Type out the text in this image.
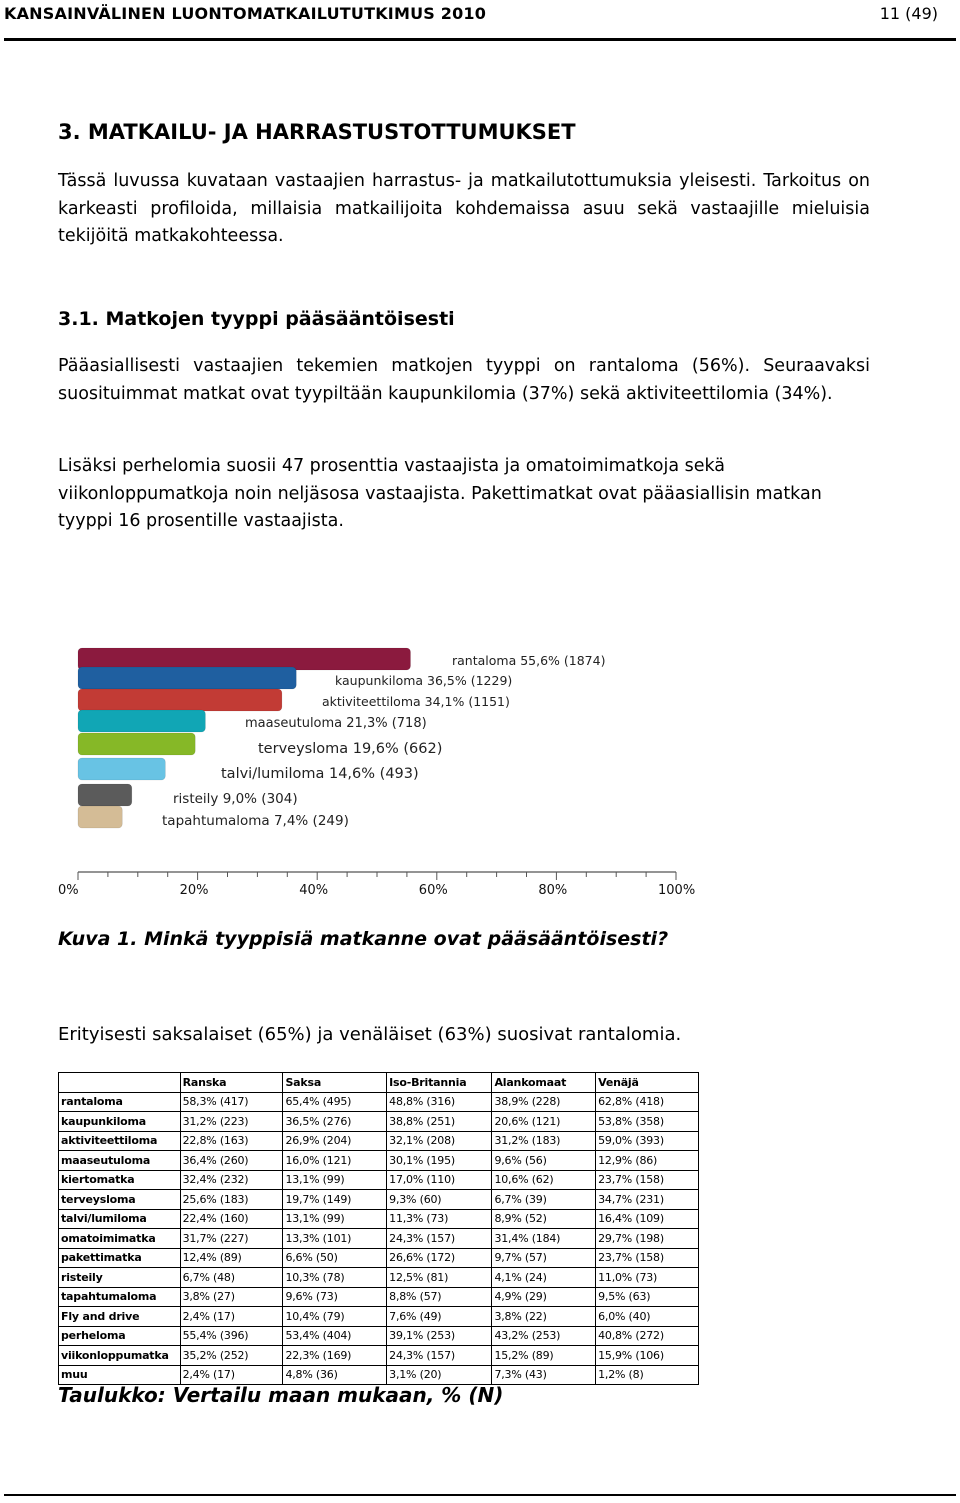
KANSAINVÄLINEN LUONTOMATKAILUTUTKIMUS 2010	11 (49)
3. MATKAILU- JA HARRASTUSTOTTUMUKSET

Tässä luvussa kuvataan vastaajien harrastus- ja matkailutottumuksia yleisesti. Tarkoitus on karkeasti profiloida, millaisia matkailijoita kohdemaissa asuu sekä vastaajille mieluisia tekijöitä matkakohteessa.

3.1. Matkojen tyyppi pääsääntöisesti

Pääasiallisesti vastaajien tekemien matkojen tyyppi on rantaloma (56%). Seuraavaksi suosituimmat matkat ovat tyypiltään kaupunkilomia (37%) sekä aktiviteettilomia (34%).

Lisäksi perhelomia suosii 47 prosenttia vastaajista ja omatoimimatkoja sekä viikonloppumatkoja noin neljäsosa vastaajista. Pakettimatkat ovat pääasiallisin matkan tyyppi 16 prosentille vastaajista.

rantaloma 55,6% (1874)
kaupunkiloma 36,5% (1229)
aktiviteettiloma 34,1% (1151)
maaseutuloma 21,3% (718)
terveysloma 19,6% (662)
talvi/lumiloma 14,6% (493)
risteily 9,0% (304)
tapahtumaloma 7,4% (249)
0%	20%	40%	60%	80%	100%
Kuva 1. Minkä tyyppisiä matkanne ovat pääsääntöisesti?

Erityisesti saksalaiset (65%) ja venäläiset (63%) suosivat rantalomia.

	Ranska	Saksa	Iso-Britannia	Alankomaat	Venäjä
rantaloma	58,3% (417)	65,4% (495)	48,8% (316)	38,9% (228)	62,8% (418)
kaupunkiloma	31,2% (223)	36,5% (276)	38,8% (251)	20,6% (121)	53,8% (358)
aktiviteettiloma	22,8% (163)	26,9% (204)	32,1% (208)	31,2% (183)	59,0% (393)
maaseutuloma	36,4% (260)	16,0% (121)	30,1% (195)	9,6% (56)	12,9% (86)
kiertomatka	32,4% (232)	13,1% (99)	17,0% (110)	10,6% (62)	23,7% (158)
terveysloma	25,6% (183)	19,7% (149)	9,3% (60)	6,7% (39)	34,7% (231)
talvi/lumiloma	22,4% (160)	13,1% (99)	11,3% (73)	8,9% (52)	16,4% (109)
omatoimimatka	31,7% (227)	13,3% (101)	24,3% (157)	31,4% (184)	29,7% (198)
pakettimatka	12,4% (89)	6,6% (50)	26,6% (172)	9,7% (57)	23,7% (158)
risteily	6,7% (48)	10,3% (78)	12,5% (81)	4,1% (24)	11,0% (73)
tapahtumaloma	3,8% (27)	9,6% (73)	8,8% (57)	4,9% (29)	9,5% (63)
Fly and drive	2,4% (17)	10,4% (79)	7,6% (49)	3,8% (22)	6,0% (40)
perheloma	55,4% (396)	53,4% (404)	39,1% (253)	43,2% (253)	40,8% (272)
viikonloppumatka	35,2% (252)	22,3% (169)	24,3% (157)	15,2% (89)	15,9% (106)
muu	2,4% (17)	4,8% (36)	3,1% (20)	7,3% (43)	1,2% (8)
Taulukko: Vertailu maan mukaan, % (N)
